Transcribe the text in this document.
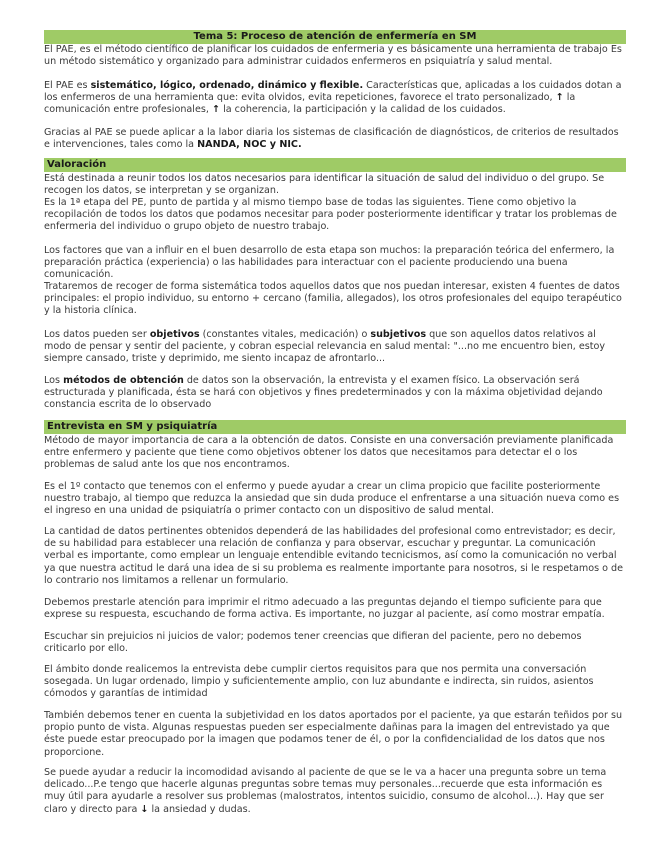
Tema 5: Proceso de atención de enfermería en SM

El PAE, es el método científico de planificar los cuidados de enfermeria y es básicamente una herramienta de trabajo Es un método sistemático y organizado para administrar cuidados enfermeros en psiquiatría y salud mental.

El PAE es sistemático, lógico, ordenado, dinámico y flexible. Características que, aplicadas a los cuidados dotan a los enfermeros de una herramienta que: evita olvidos, evita repeticiones, favorece el trato personalizado, ↑ la comunicación entre profesionales, ↑ la coherencia, la participación y la calidad de los cuidados.

Gracias al PAE se puede aplicar a la labor diaria los sistemas de clasificación de diagnósticos, de criterios de resultados e intervenciones, tales como la NANDA, NOC y NIC.

Valoración

Está destinada a reunir todos los datos necesarios para identificar la situación de salud del individuo o del grupo. Se recogen los datos, se interpretan y se organizan.

Es la 1ª etapa del PE, punto de partida y al mismo tiempo base de todas las siguientes. Tiene como objetivo la recopilación de todos los datos que podamos necesitar para poder posteriormente identificar y tratar los problemas de enfermeria del individuo o grupo objeto de nuestro trabajo.

Los factores que van a influir en el buen desarrollo de esta etapa son muchos: la preparación teórica del enfermero, la preparación práctica (experiencia) o las habilidades para interactuar con el paciente produciendo una buena comunicación.

Trataremos de recoger de forma sistemática todos aquellos datos que nos puedan interesar, existen 4 fuentes de datos principales: el propio individuo, su entorno + cercano (familia, allegados), los otros profesionales del equipo terapéutico y la historia clínica.

Los datos pueden ser objetivos (constantes vitales, medicación) o subjetivos que son aquellos datos relativos al modo de pensar y sentir del paciente, y cobran especial relevancia en salud mental: "...no me encuentro bien, estoy siempre cansado, triste y deprimido, me siento incapaz de afrontarlo...

Los métodos de obtención de datos son la observación, la entrevista y el examen físico. La observación será estructurada y planificada, ésta se hará con objetivos y fines predeterminados y con la máxima objetividad dejando constancia escrita de lo observado

Entrevista en SM y psiquiatría

Método de mayor importancia de cara a la obtención de datos. Consiste en una conversación previamente planificada entre enfermero y paciente que tiene como objetivos obtener los datos que necesitamos para detectar el o los problemas de salud ante los que nos encontramos.

Es el 1º contacto que tenemos con el enfermo y puede ayudar a crear un clima propicio que facilite posteriormente nuestro trabajo, al tiempo que reduzca la ansiedad que sin duda produce el enfrentarse a una situación nueva como es el ingreso en una unidad de psiquiatría o primer contacto con un dispositivo de salud mental.

La cantidad de datos pertinentes obtenidos dependerá de las habilidades del profesional como entrevistador; es decir, de su habilidad para establecer una relación de confianza y para observar, escuchar y preguntar. La comunicación verbal es importante, como emplear un lenguaje entendible evitando tecnicismos, así como la comunicación no verbal ya que nuestra actitud le dará una idea de si su problema es realmente importante para nosotros, si le respetamos o de lo contrario nos limitamos a rellenar un formulario.

Debemos prestarle atención para imprimir el ritmo adecuado a las preguntas dejando el tiempo suficiente para que exprese su respuesta, escuchando de forma activa. Es importante, no juzgar al paciente, así como mostrar empatía.

Escuchar sin prejuicios ni juicios de valor; podemos tener creencias que difieran del paciente, pero no debemos criticarlo por ello.

El ámbito donde realicemos la entrevista debe cumplir ciertos requisitos para que nos permita una conversación sosegada. Un lugar ordenado, limpio y suficientemente amplio, con luz abundante e indirecta, sin ruidos, asientos cómodos y garantías de intimidad

También debemos tener en cuenta la subjetividad en los datos aportados por el paciente, ya que estarán teñidos por su propio punto de vista. Algunas respuestas pueden ser especialmente dañinas para la imagen del entrevistado ya que éste puede estar preocupado por la imagen que podamos tener de él, o por la confidencialidad de los datos que nos proporcione.

Se puede ayudar a reducir la incomodidad avisando al paciente de que se le va a hacer una pregunta sobre un tema delicado...P.e tengo que hacerle algunas preguntas sobre temas muy personales...recuerde que esta información es muy útil para ayudarle a resolver sus problemas (malostratos, intentos suicidio, consumo de alcohol...). Hay que ser claro y directo para ↓ la ansiedad y dudas.
